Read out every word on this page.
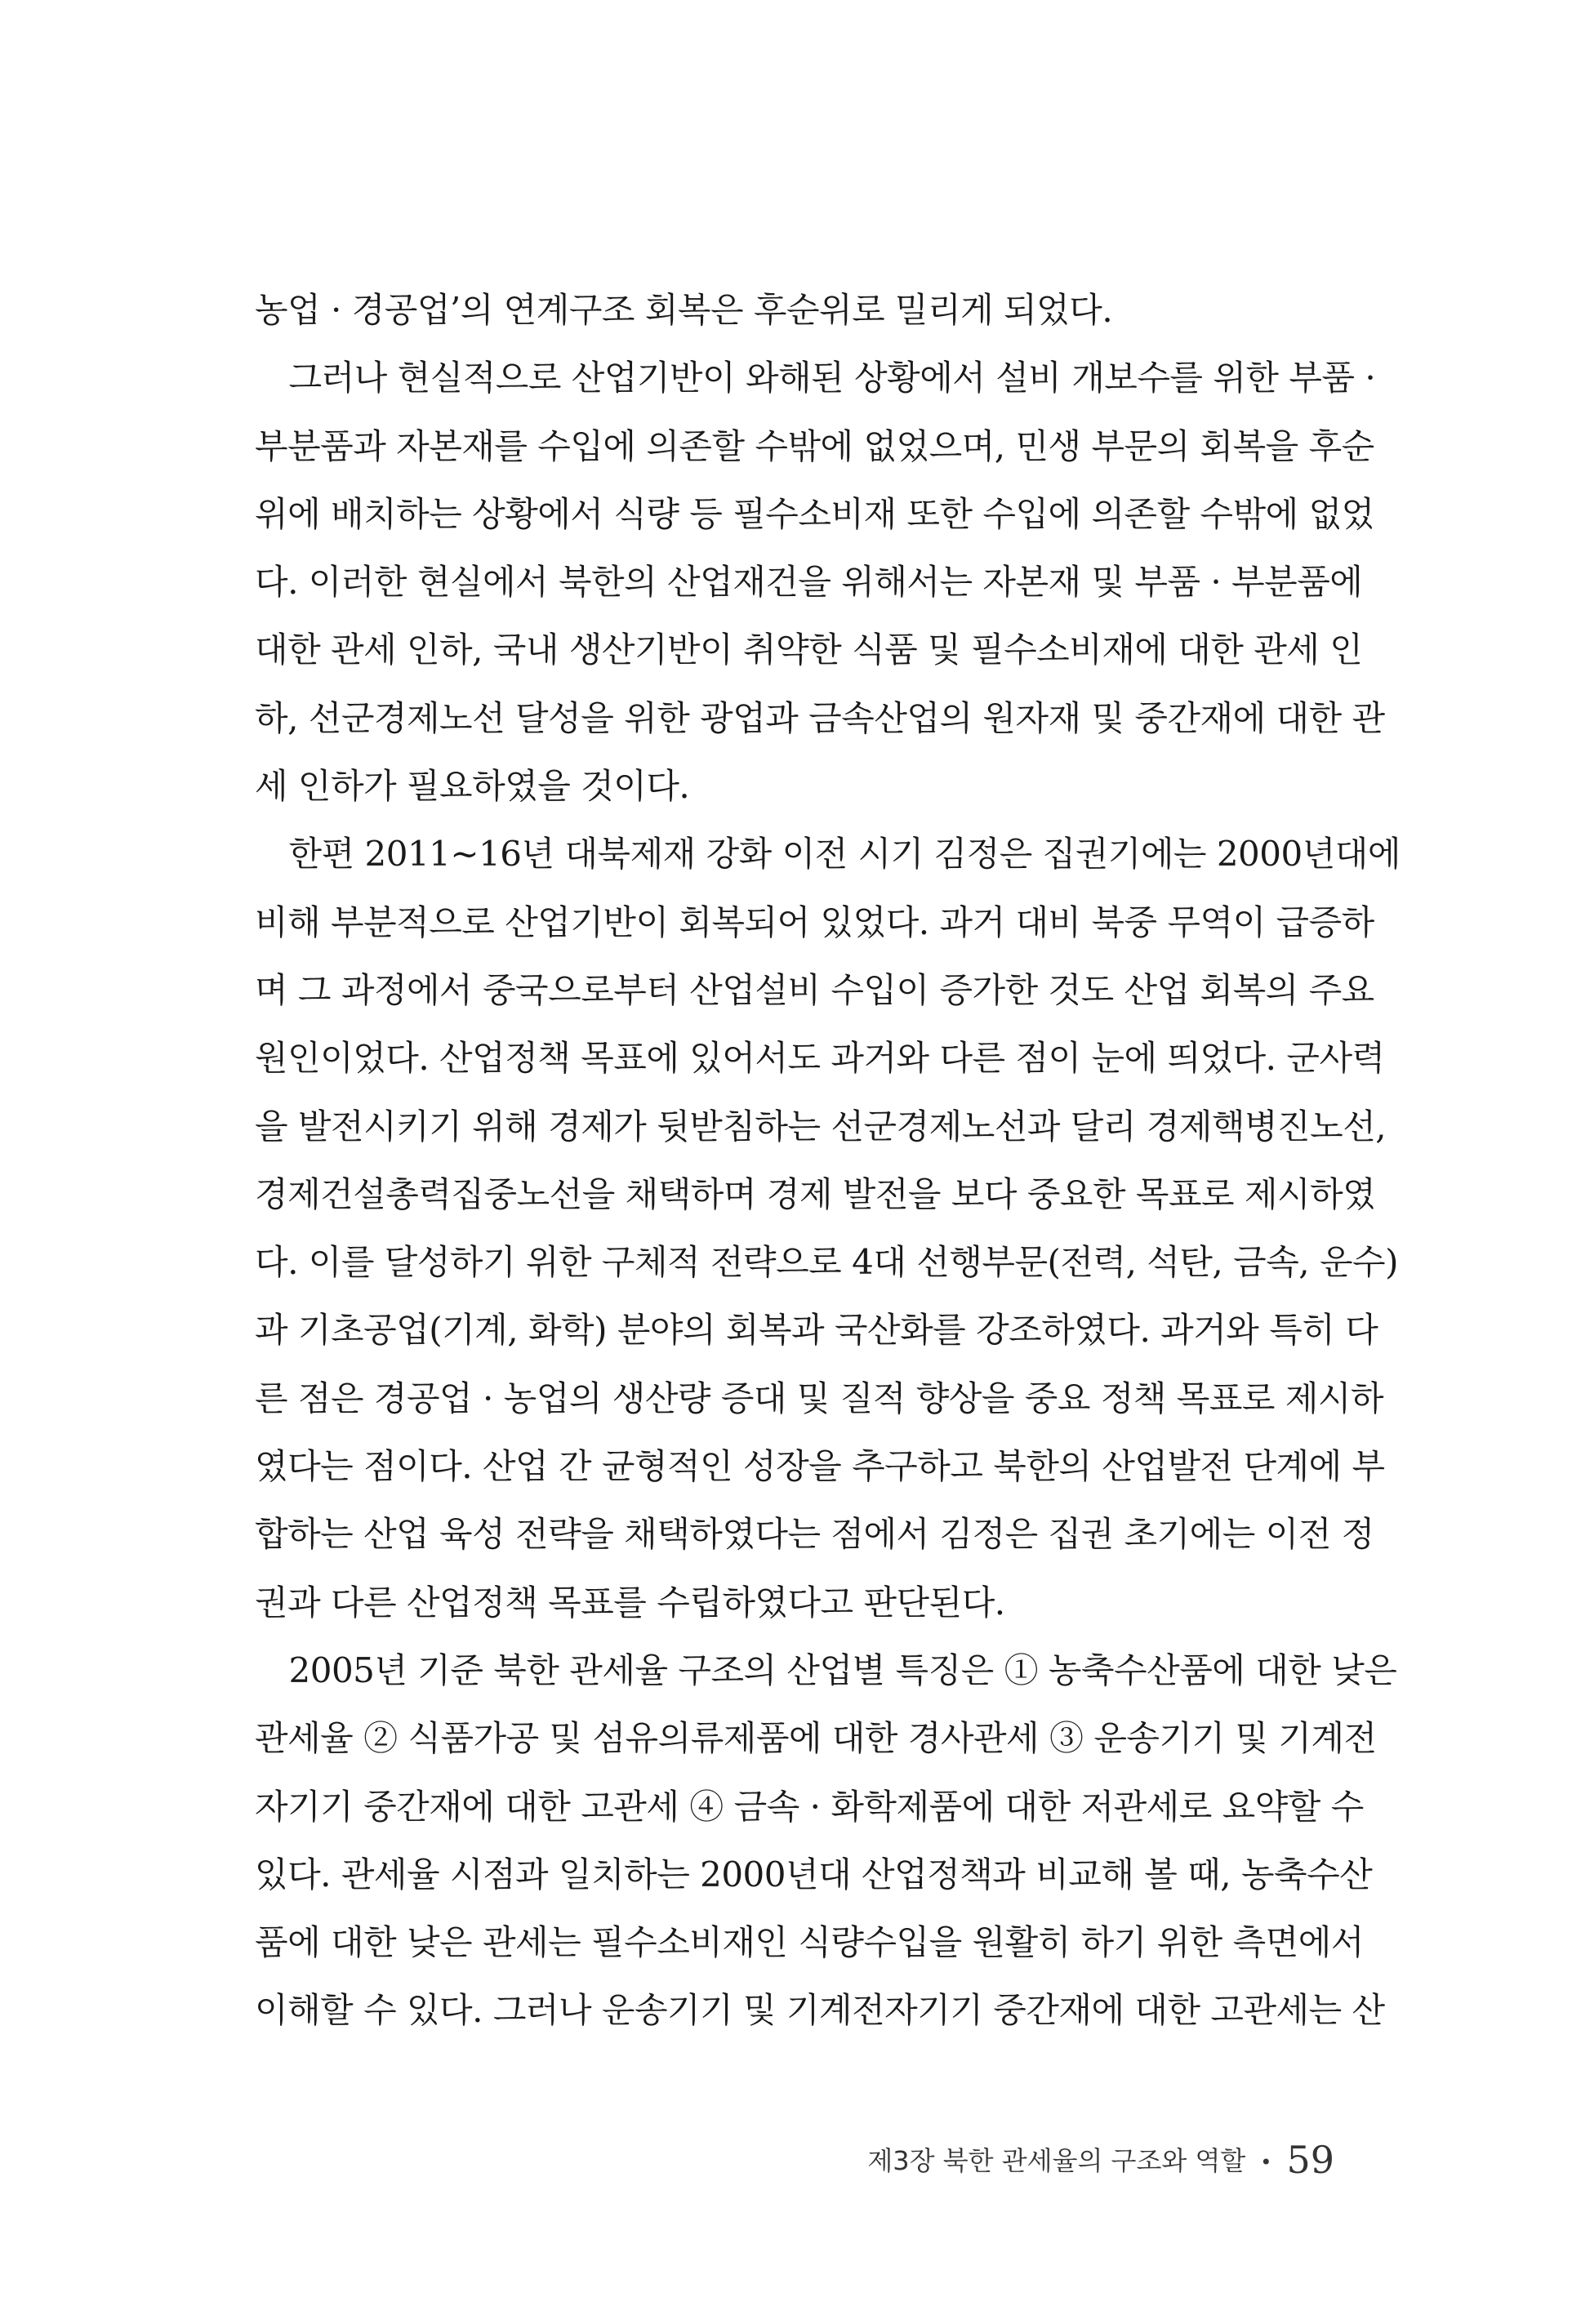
농업 · 경공업’의 연계구조 회복은 후순위로 밀리게 되었다.
　그러나 현실적으로 산업기반이 와해된 상황에서 설비 개보수를 위한 부품 ·
부분품과 자본재를 수입에 의존할 수밖에 없었으며, 민생 부문의 회복을 후순
위에 배치하는 상황에서 식량 등 필수소비재 또한 수입에 의존할 수밖에 없었
다. 이러한 현실에서 북한의 산업재건을 위해서는 자본재 및 부품 · 부분품에
대한 관세 인하, 국내 생산기반이 취약한 식품 및 필수소비재에 대한 관세 인
하, 선군경제노선 달성을 위한 광업과 금속산업의 원자재 및 중간재에 대한 관
세 인하가 필요하였을 것이다.
　한편 2011~16년 대북제재 강화 이전 시기 김정은 집권기에는 2000년대에
비해 부분적으로 산업기반이 회복되어 있었다. 과거 대비 북중 무역이 급증하
며 그 과정에서 중국으로부터 산업설비 수입이 증가한 것도 산업 회복의 주요
원인이었다. 산업정책 목표에 있어서도 과거와 다른 점이 눈에 띄었다. 군사력
을 발전시키기 위해 경제가 뒷받침하는 선군경제노선과 달리 경제핵병진노선,
경제건설총력집중노선을 채택하며 경제 발전을 보다 중요한 목표로 제시하였
다. 이를 달성하기 위한 구체적 전략으로 4대 선행부문(전력, 석탄, 금속, 운수)
과 기초공업(기계, 화학) 분야의 회복과 국산화를 강조하였다. 과거와 특히 다
른 점은 경공업 · 농업의 생산량 증대 및 질적 향상을 중요 정책 목표로 제시하
였다는 점이다. 산업 간 균형적인 성장을 추구하고 북한의 산업발전 단계에 부
합하는 산업 육성 전략을 채택하였다는 점에서 김정은 집권 초기에는 이전 정
권과 다른 산업정책 목표를 수립하였다고 판단된다.
　2005년 기준 북한 관세율 구조의 산업별 특징은 ① 농축수산품에 대한 낮은
관세율 ② 식품가공 및 섬유의류제품에 대한 경사관세 ③ 운송기기 및 기계전
자기기 중간재에 대한 고관세 ④ 금속 · 화학제품에 대한 저관세로 요약할 수
있다. 관세율 시점과 일치하는 2000년대 산업정책과 비교해 볼 때, 농축수산
품에 대한 낮은 관세는 필수소비재인 식량수입을 원활히 하기 위한 측면에서
이해할 수 있다. 그러나 운송기기 및 기계전자기기 중간재에 대한 고관세는 산
제3장 북한 관세율의 구조와 역할 • 59
